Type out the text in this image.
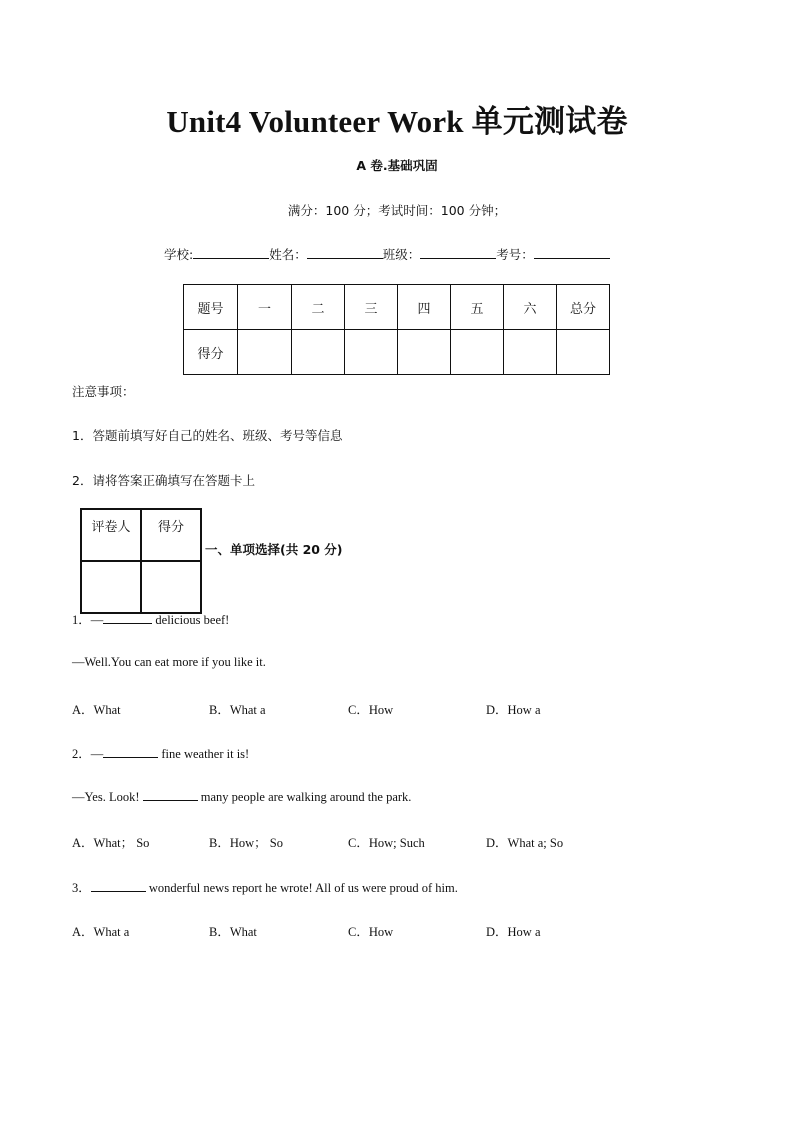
Unit4 Volunteer Work 单元测试卷
A 卷.基础巩固
满分：100 分；考试时间：100 分钟；
学校:	姓名：	班级：	考号：
题号	一	二	三	四	五	六	总分
得分							
注意事项：
1．答题前填写好自己的姓名、班级、考号等信息
2．请将答案正确填写在答题卡上
评卷人	得分

一、单项选择(共 20 分)
1．—	delicious beef!
—Well.You can eat more if you like it.
A．What	B．What a	C．How	D．How a
2．—	fine weather it is!
—Yes. Look!	many people are walking around the park.
A．What； So	B．How； So	C．How; Such	D．What a; So
3．	wonderful news report he wrote! All of us were proud of him.
A．What a	B．What	C．How	D．How a
